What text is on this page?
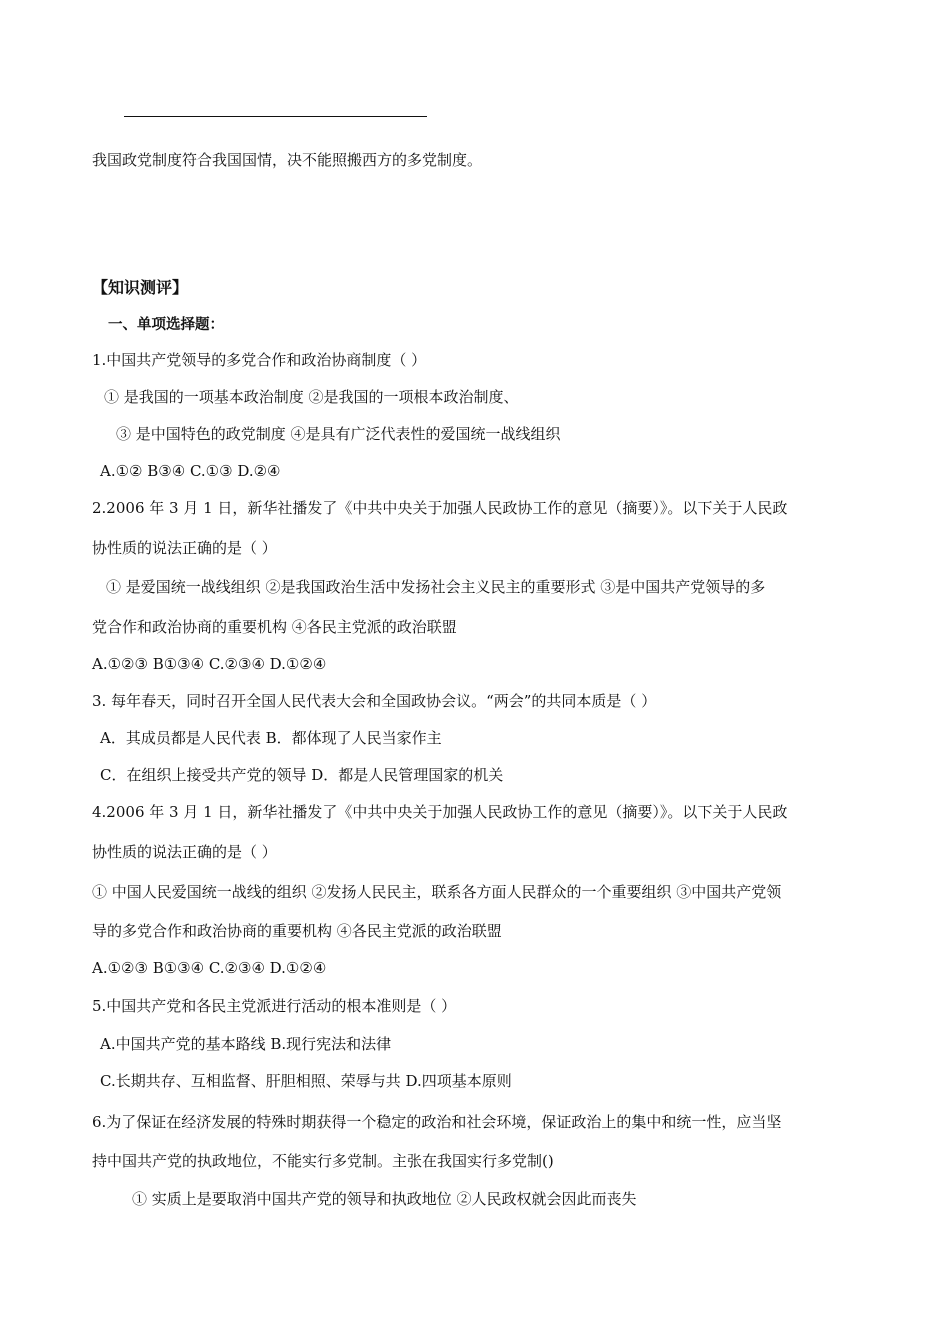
我国政党制度符合我国国情，决不能照搬西方的多党制度。
【知识测评】
一、单项选择题：
1.中国共产党领导的多党合作和政治协商制度（ ）
① 是我国的一项基本政治制度 ②是我国的一项根本政治制度、
③ 是中国特色的政党制度 ④是具有广泛代表性的爱国统一战线组织
A.①② B③④ C.①③ D.②④
2.2006 年 3 月 1 日，新华社播发了《中共中央关于加强人民政协工作的意见（摘要）》。以下关于人民政
协性质的说法正确的是（ ）
① 是爱国统一战线组织 ②是我国政治生活中发扬社会主义民主的重要形式 ③是中国共产党领导的多
党合作和政治协商的重要机构 ④各民主党派的政治联盟
A.①②③ B①③④ C.②③④ D.①②④
3. 每年春天，同时召开全国人民代表大会和全国政协会议。“两会”的共同本质是（ ）
A．其成员都是人民代表 B．都体现了人民当家作主
C．在组织上接受共产党的领导 D．都是人民管理国家的机关
4.2006 年 3 月 1 日，新华社播发了《中共中央关于加强人民政协工作的意见（摘要）》。以下关于人民政
协性质的说法正确的是（ ）
① 中国人民爱国统一战线的组织 ②发扬人民民主，联系各方面人民群众的一个重要组织 ③中国共产党领
导的多党合作和政治协商的重要机构 ④各民主党派的政治联盟
A.①②③ B①③④ C.②③④ D.①②④
5.中国共产党和各民主党派进行活动的根本准则是（ ）
A.中国共产党的基本路线 B.现行宪法和法律
C.长期共存、互相监督、肝胆相照、荣辱与共 D.四项基本原则
6.为了保证在经济发展的特殊时期获得一个稳定的政治和社会环境，保证政治上的集中和统一性，应当坚
持中国共产党的执政地位，不能实行多党制。主张在我国实行多党制()
① 实质上是要取消中国共产党的领导和执政地位 ②人民政权就会因此而丧失
